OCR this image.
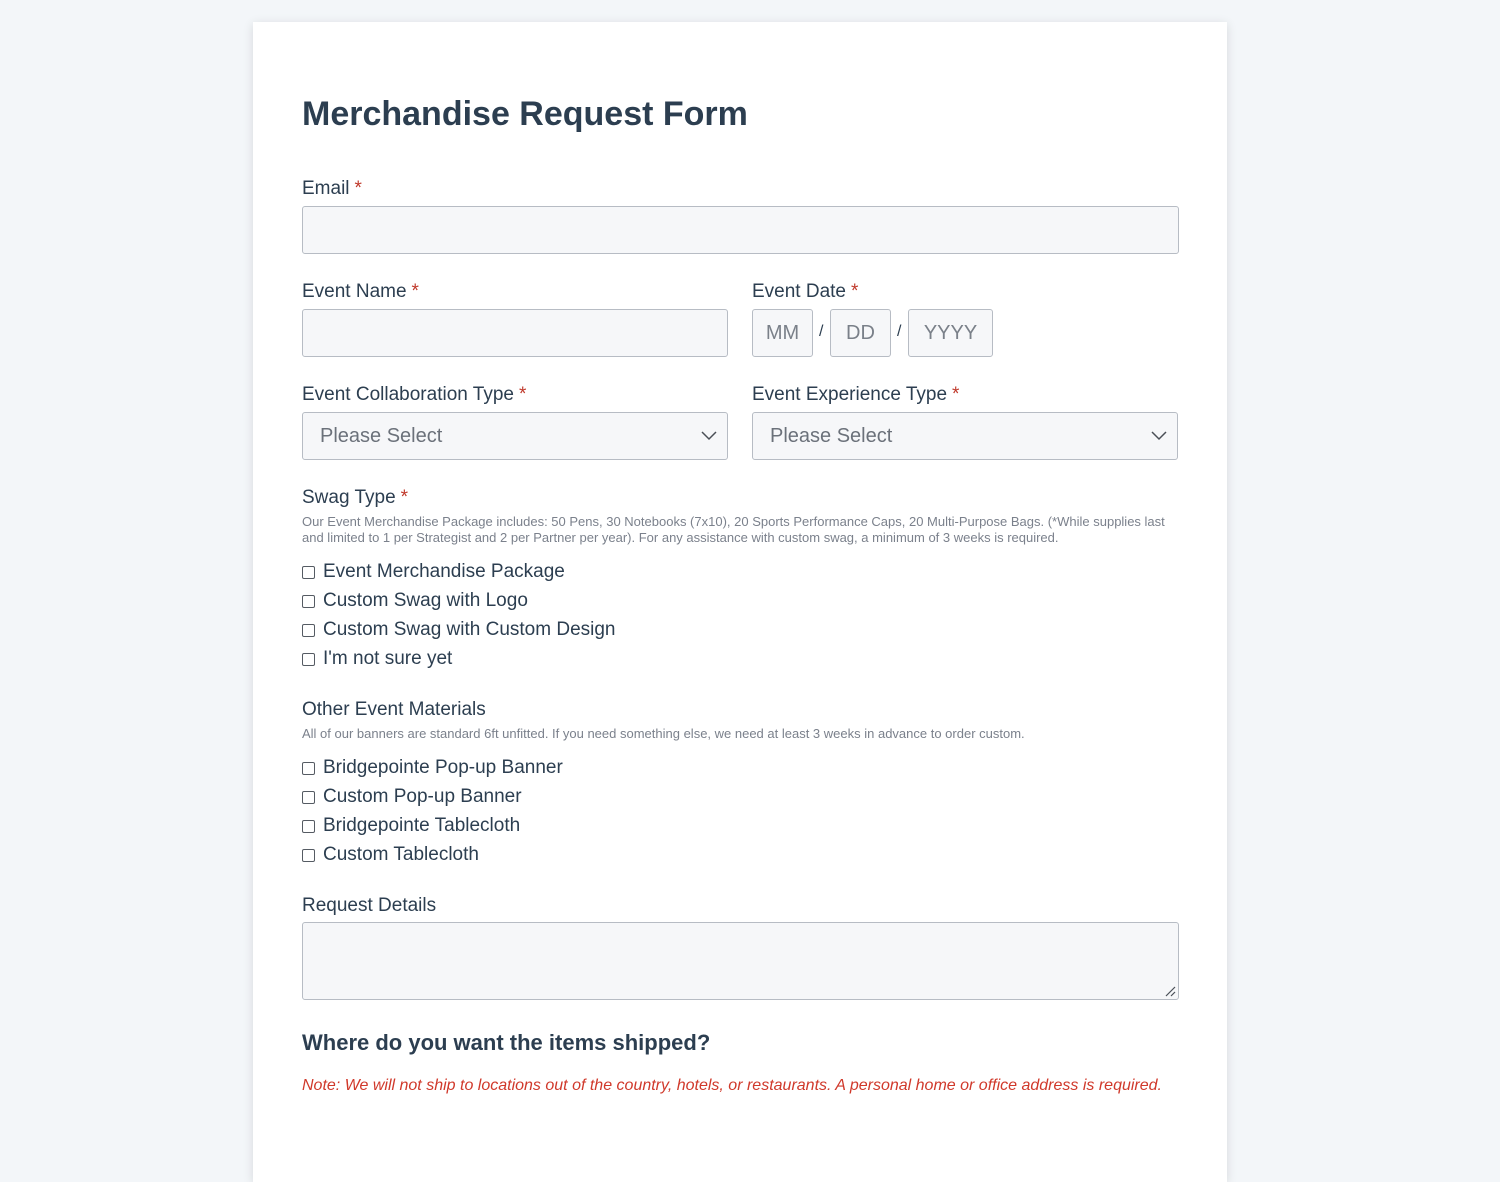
Merchandise Request Form
Email *
Event Name *	Event Date *
MM / DD / YYYY
Event Collaboration Type *
Please Select
Event Experience Type *
Please Select
Swag Type *
Our Event Merchandise Package includes: 50 Pens, 30 Notebooks (7x10), 20 Sports Performance Caps, 20 Multi-Purpose Bags. (*While supplies last and limited to 1 per Strategist and 2 per Partner per year). For any assistance with custom swag, a minimum of 3 weeks is required.
Event Merchandise Package
Custom Swag with Logo
Custom Swag with Custom Design
I'm not sure yet
Other Event Materials
All of our banners are standard 6ft unfitted. If you need something else, we need at least 3 weeks in advance to order custom.
Bridgepointe Pop-up Banner
Custom Pop-up Banner
Bridgepointe Tablecloth
Custom Tablecloth
Request Details
Where do you want the items shipped?
Note: We will not ship to locations out of the country, hotels, or restaurants. A personal home or office address is required.
